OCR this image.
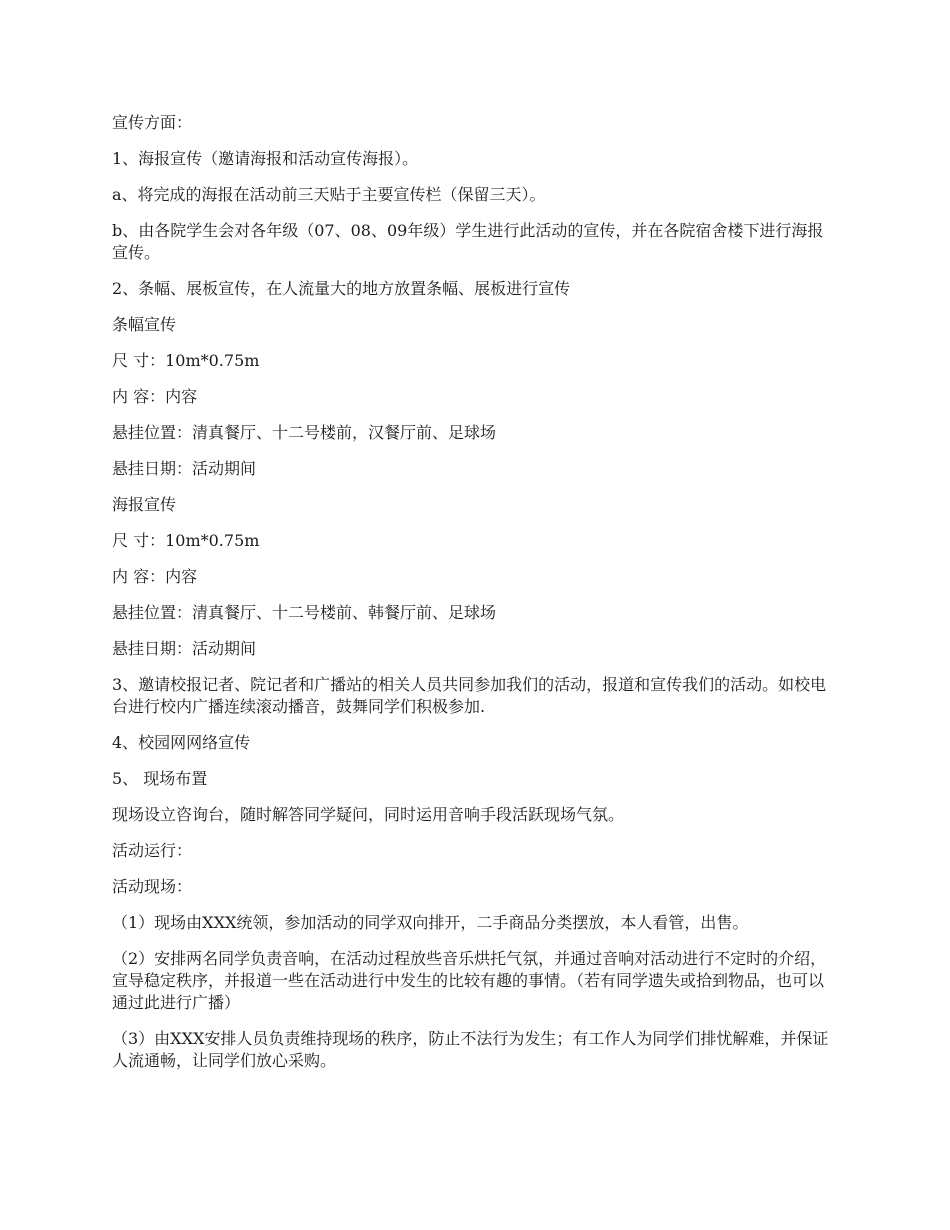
宣传方面：

1、海报宣传（邀请海报和活动宣传海报）。

a、将完成的海报在活动前三天贴于主要宣传栏（保留三天）。

b、由各院学生会对各年级（07、08、09年级）学生进行此活动的宣传，并在各院宿舍楼下进行海报宣传。

2、条幅、展板宣传，在人流量大的地方放置条幅、展板进行宣传

条幅宣传

尺 寸：10m*0.75m

内 容：内容

悬挂位置：清真餐厅、十二号楼前，汉餐厅前、足球场

悬挂日期：活动期间

海报宣传

尺 寸：10m*0.75m

内 容：内容

悬挂位置：清真餐厅、十二号楼前、韩餐厅前、足球场

悬挂日期：活动期间

3、邀请校报记者、院记者和广播站的相关人员共同参加我们的活动，报道和宣传我们的活动。如校电台进行校内广播连续滚动播音，鼓舞同学们积极参加.

4、校园网网络宣传

5、 现场布置

现场设立咨询台，随时解答同学疑问，同时运用音响手段活跃现场气氛。

活动运行：

活动现场：

（1）现场由XXX统领，参加活动的同学双向排开，二手商品分类摆放，本人看管，出售。

（2）安排两名同学负责音响，在活动过程放些音乐烘托气氛，并通过音响对活动进行不定时的介绍，宣导稳定秩序，并报道一些在活动进行中发生的比较有趣的事情。（若有同学遗失或拾到物品，也可以通过此进行广播）

（3）由XXX安排人员负责维持现场的秩序，防止不法行为发生；有工作人为同学们排忧解难，并保证人流通畅，让同学们放心采购。
